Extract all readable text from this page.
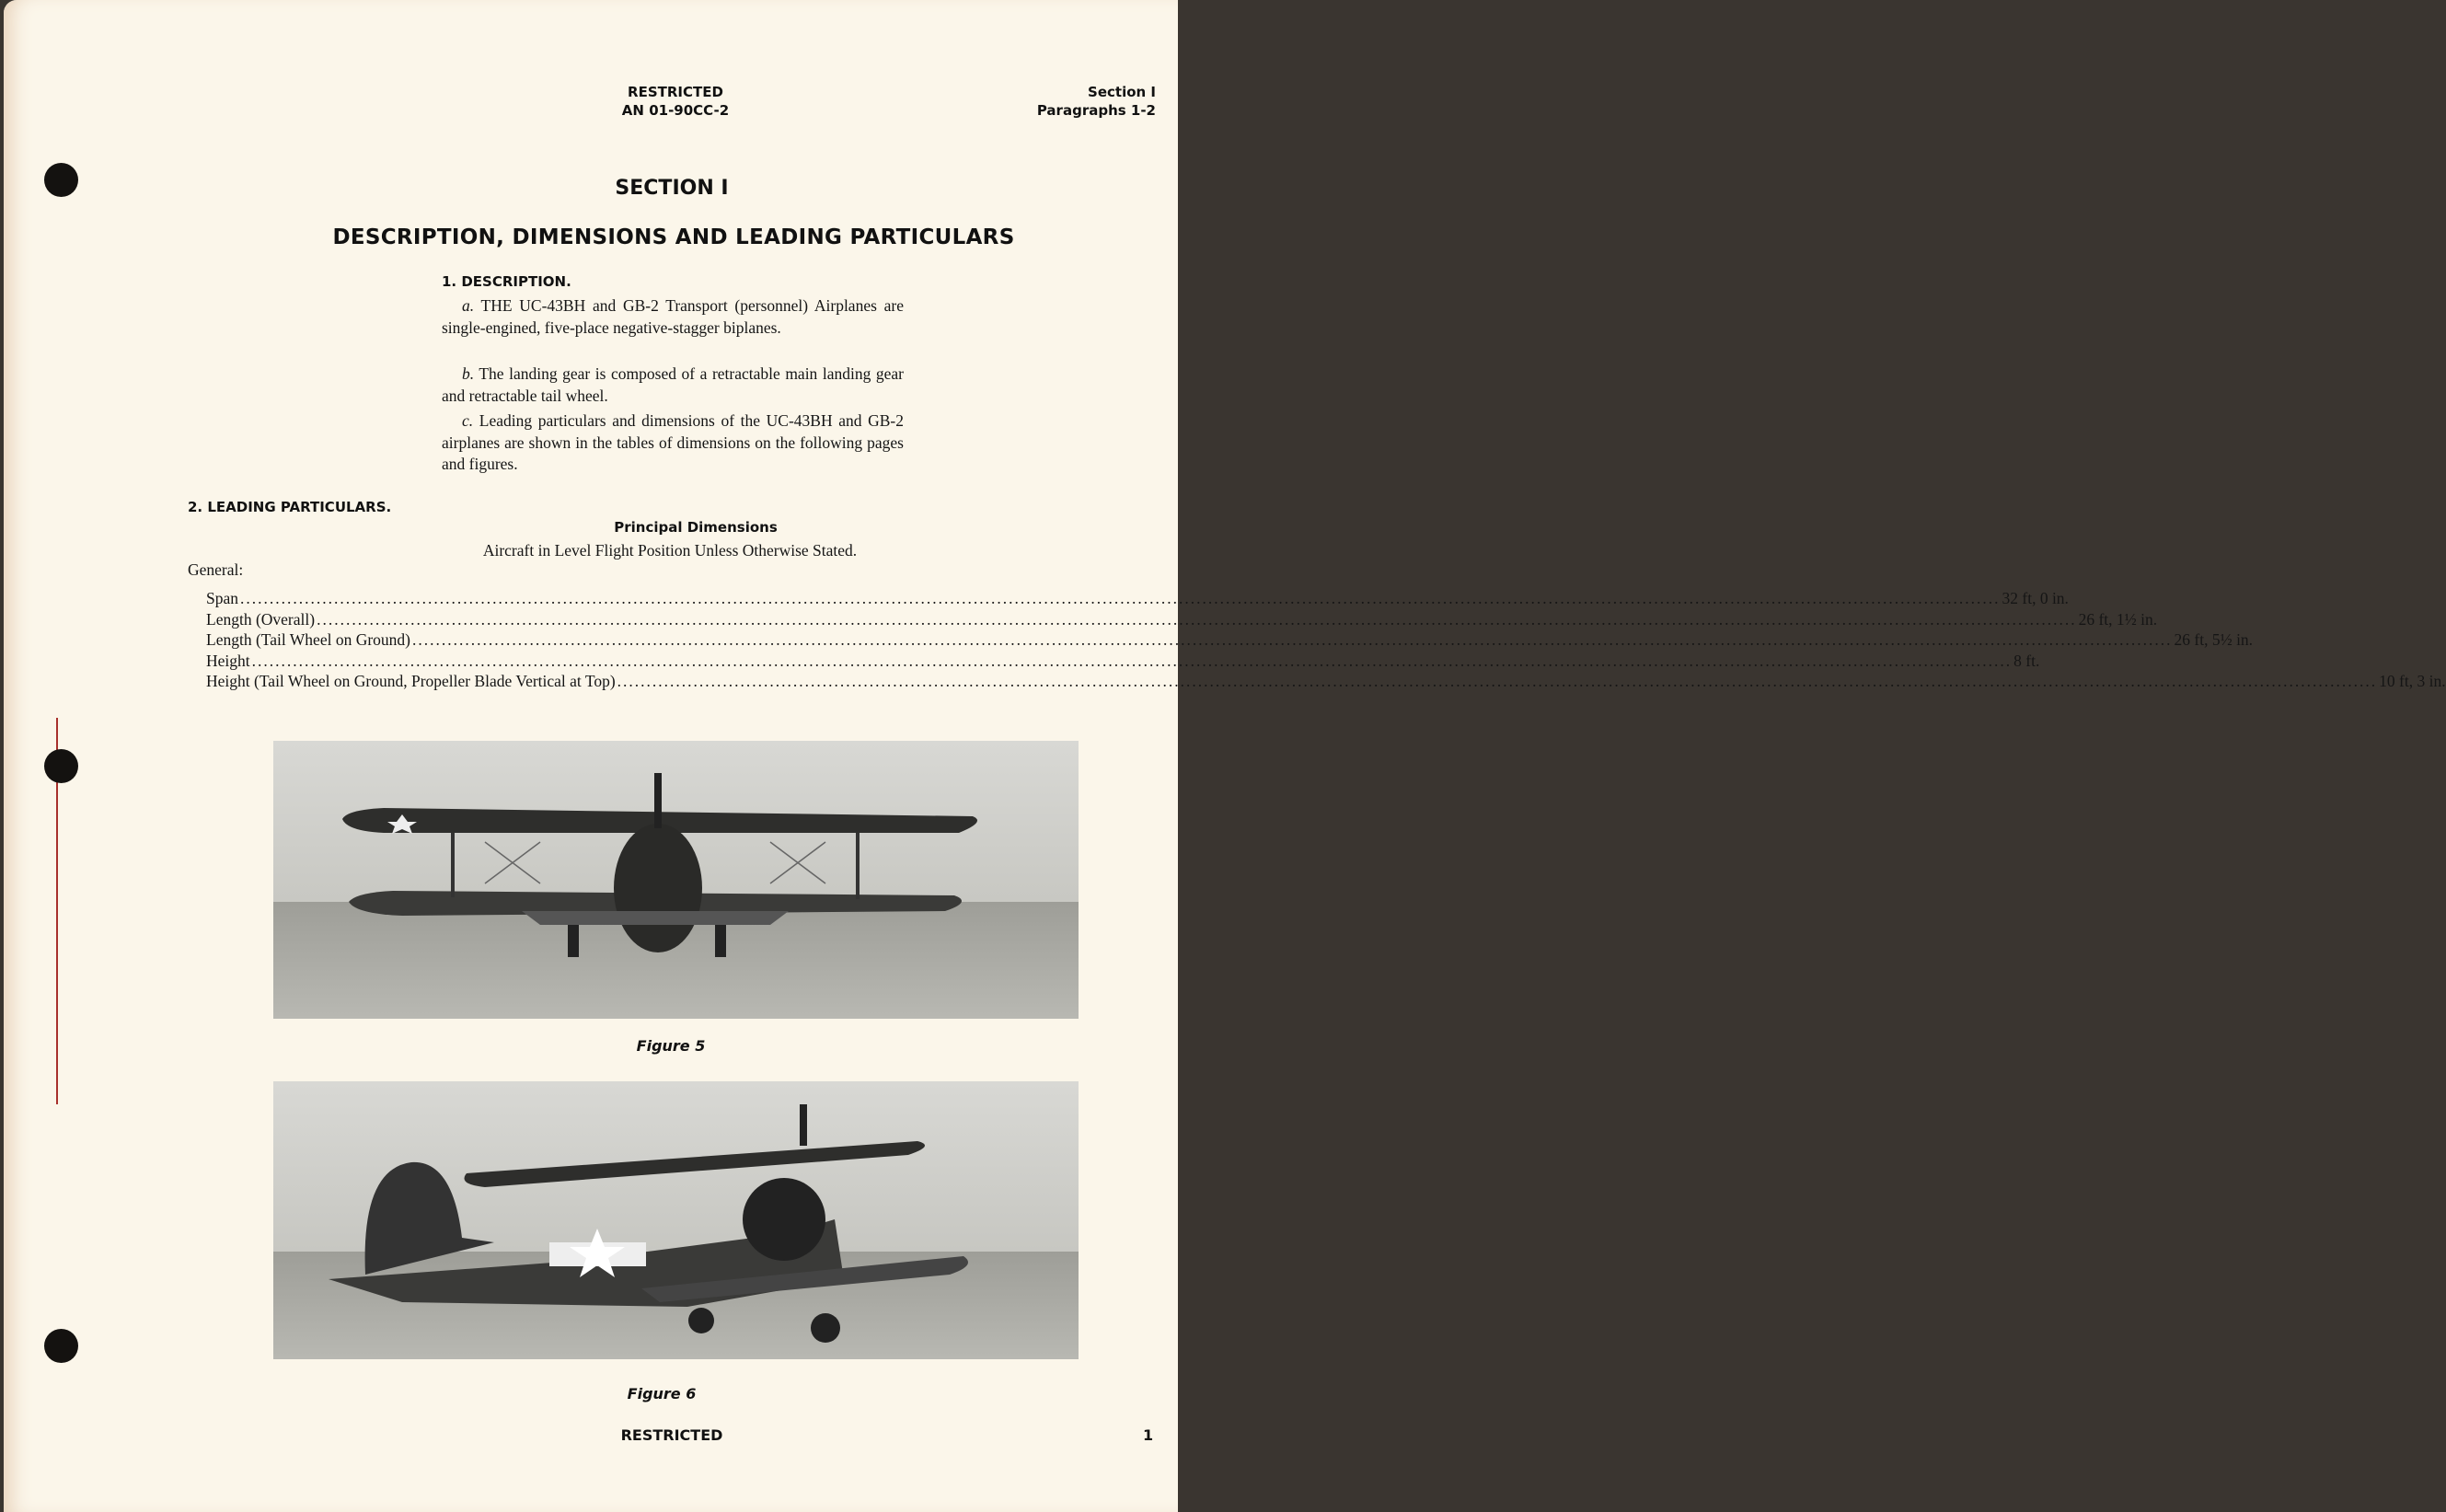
RESTRICTED
AN 01-90CC-2
Section I
Paragraphs 1-2
SECTION I
DESCRIPTION, DIMENSIONS AND LEADING PARTICULARS
1. DESCRIPTION.
a. THE UC-43BH and GB-2 Transport (personnel) Airplanes are single-engined, five-place negative-stagger biplanes.
b. The landing gear is composed of a retractable main landing gear and retractable tail wheel.
c. Leading particulars and dimensions of the UC-43BH and GB-2 airplanes are shown in the tables of dimensions on the following pages and figures.
2. LEADING PARTICULARS.
Principal Dimensions
Aircraft in Level Flight Position Unless Otherwise Stated.
General:
Span ............................................................................................................................................................................................................................................................................................................ 32 ft, 0 in.
Length (Overall) ............................................................................................................................................................................................................................................................................................................ 26 ft, 1½ in.
Length (Tail Wheel on Ground) ............................................................................................................................................................................................................................................................................................................ 26 ft, 5½ in.
Height ............................................................................................................................................................................................................................................................................................................ 8 ft.
Height (Tail Wheel on Ground, Propeller Blade Vertical at Top) ............................................................................................................................................................................................................................................................................................................ 10 ft, 3 in.
Figure 5
Figure 6
RESTRICTED	1
